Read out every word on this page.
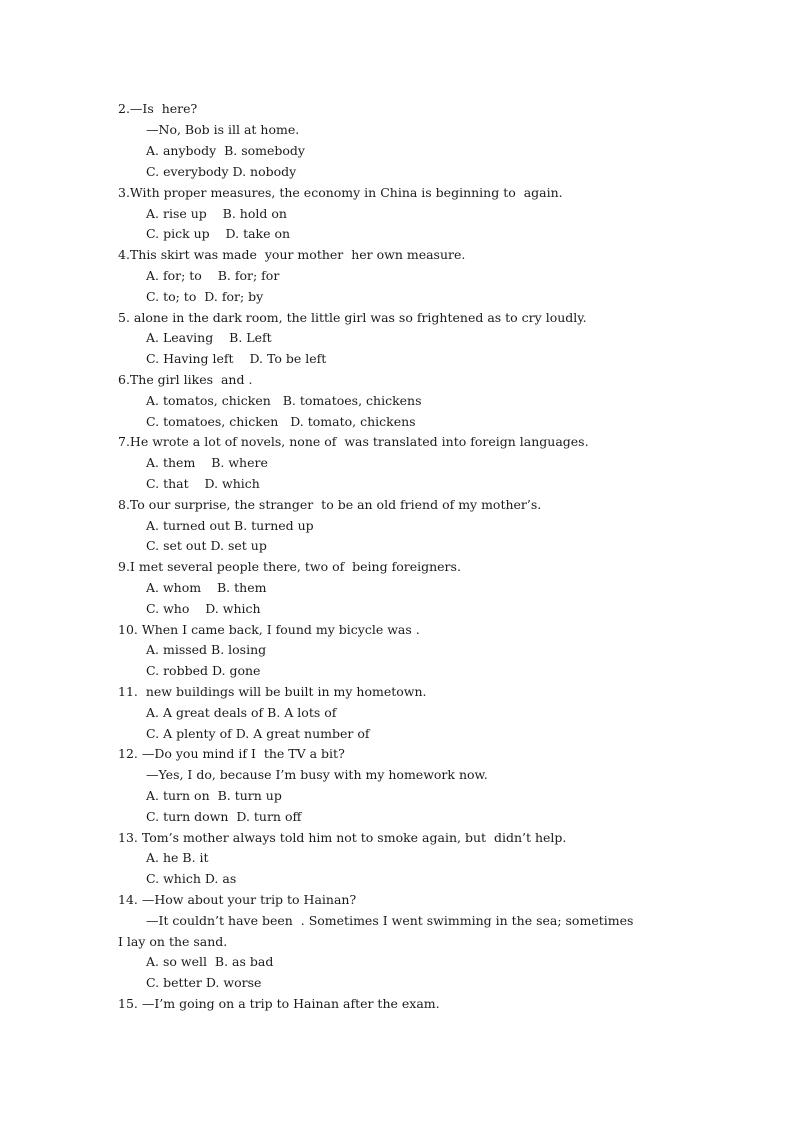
2.—Is  here?
—No, Bob is ill at home.
A. anybody  B. somebody
C. everybody D. nobody
3.With proper measures, the economy in China is beginning to  again.
A. rise up    B. hold on
C. pick up    D. take on
4.This skirt was made  your mother  her own measure.
A. for; to    B. for; for
C. to; to  D. for; by
5. alone in the dark room, the little girl was so frightened as to cry loudly.
A. Leaving    B. Left
C. Having left    D. To be left
6.The girl likes  and .
A. tomatos, chicken   B. tomatoes, chickens
C. tomatoes, chicken   D. tomato, chickens
7.He wrote a lot of novels, none of  was translated into foreign languages.
A. them    B. where
C. that    D. which
8.To our surprise, the stranger  to be an old friend of my mother’s.
A. turned out B. turned up
C. set out D. set up
9.I met several people there, two of  being foreigners.
A. whom    B. them
C. who    D. which
10. When I came back, I found my bicycle was .
A. missed B. losing
C. robbed D. gone
11.  new buildings will be built in my hometown.
A. A great deals of B. A lots of
C. A plenty of D. A great number of
12. —Do you mind if I  the TV a bit?
—Yes, I do, because I’m busy with my homework now.
A. turn on  B. turn up
C. turn down  D. turn off
13. Tom’s mother always told him not to smoke again, but  didn’t help.
A. he B. it
C. which D. as
14. —How about your trip to Hainan?
—It couldn’t have been  . Sometimes I went swimming in the sea; sometimes
I lay on the sand.
A. so well  B. as bad
C. better D. worse
15. —I’m going on a trip to Hainan after the exam.
